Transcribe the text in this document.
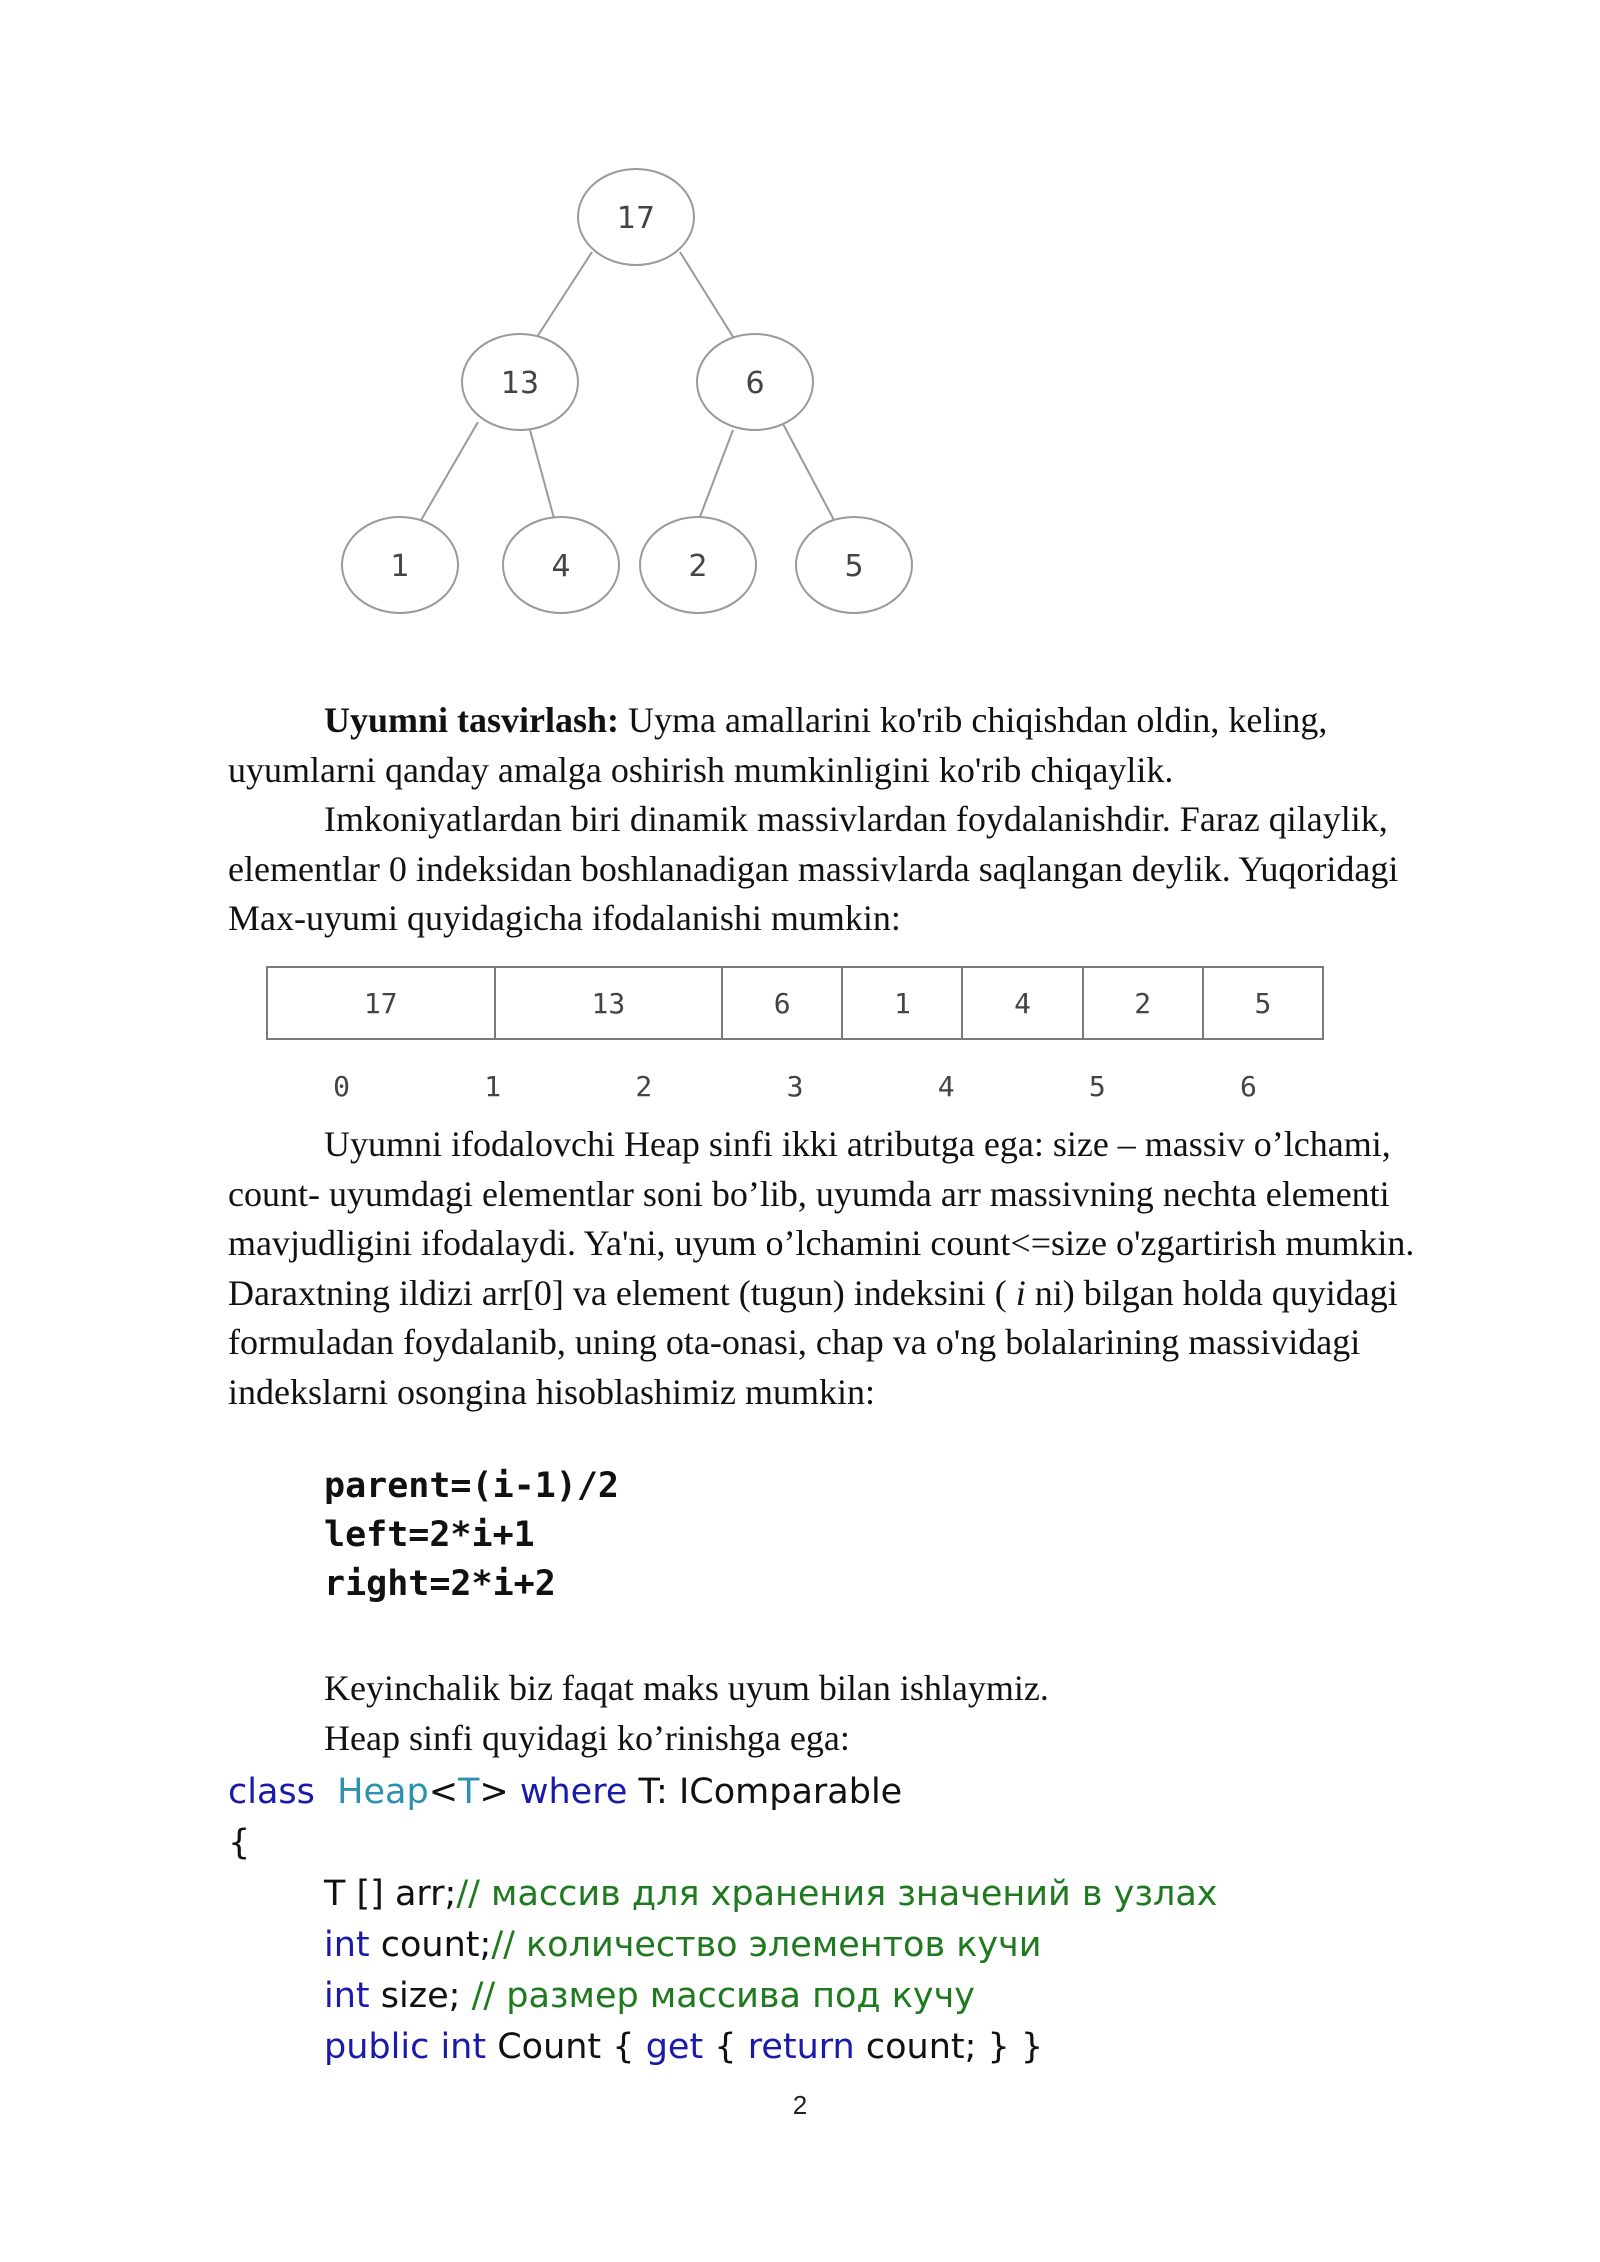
17
13	6
1	4	2	5

Uyumni tasvirlash: Uyma amallarini ko'rib chiqishdan oldin, keling,
uyumlarni qanday amalga oshirish mumkinligini ko'rib chiqaylik.
Imkoniyatlardan biri dinamik massivlardan foydalanishdir. Faraz qilaylik,
elementlar 0 indeksidan boshlanadigan massivlarda saqlangan deylik. Yuqoridagi
Max-uyumi quyidagicha ifodalanishi mumkin:

17	13	6	1	4	2	5
0	1	2	3	4	5	6

Uyumni ifodalovchi Heap sinfi ikki atributga ega: size – massiv o’lchami,
count- uyumdagi elementlar soni bo’lib, uyumda arr massivning nechta elementi
mavjudligini ifodalaydi. Ya'ni, uyum o’lchamini count<=size o'zgartirish mumkin.
Daraxtning ildizi arr[0] va element (tugun) indeksini ( i ni) bilgan holda quyidagi
formuladan foydalanib, uning ota-onasi, chap va o'ng bolalarining massividagi
indekslarni osongina hisoblashimiz mumkin:

parent=(i-1)/2
left=2*i+1
right=2*i+2
Keyinchalik biz faqat maks uyum bilan ishlaymiz.
Heap sinfi quyidagi ko’rinishga ega:
class Heap<T> where T: IComparable
{
T [] arr;// массив для хранения значений в узлах
int count;// количество элементов кучи
int size; // размер массива под кучу
public int Count { get { return count; } }
2
